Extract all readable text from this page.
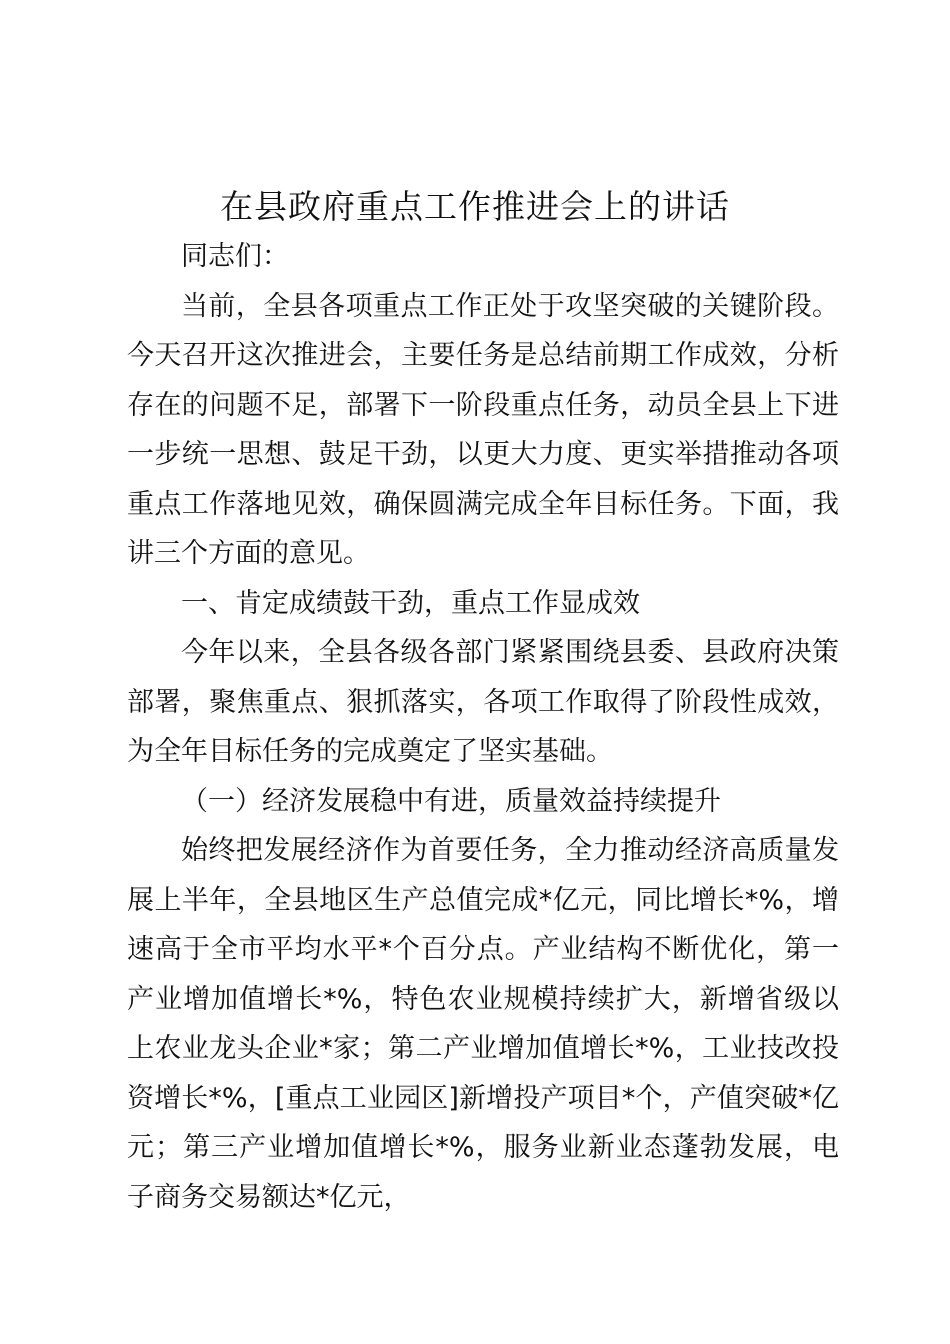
在县政府重点工作推进会上的讲话

同志们：

当前，全县各项重点工作正处于攻坚突破的关键阶段。今天召开这次推进会，主要任务是总结前期工作成效，分析存在的问题不足，部署下一阶段重点任务，动员全县上下进一步统一思想、鼓足干劲，以更大力度、更实举措推动各项重点工作落地见效，确保圆满完成全年目标任务。下面，我讲三个方面的意见。

一、肯定成绩鼓干劲，重点工作显成效

今年以来，全县各级各部门紧紧围绕县委、县政府决策部署，聚焦重点、狠抓落实，各项工作取得了阶段性成效，为全年目标任务的完成奠定了坚实基础。

（一）经济发展稳中有进，质量效益持续提升

始终把发展经济作为首要任务，全力推动经济高质量发展上半年，全县地区生产总值完成*亿元，同比增长*%，增速高于全市平均水平*个百分点。产业结构不断优化，第一产业增加值增长*%，特色农业规模持续扩大，新增省级以上农业龙头企业*家；第二产业增加值增长*%，工业技改投资增长*%，[重点工业园区]新增投产项目*个，产值突破*亿元；第三产业增加值增长*%，服务业新业态蓬勃发展，电子商务交易额达*亿元，
